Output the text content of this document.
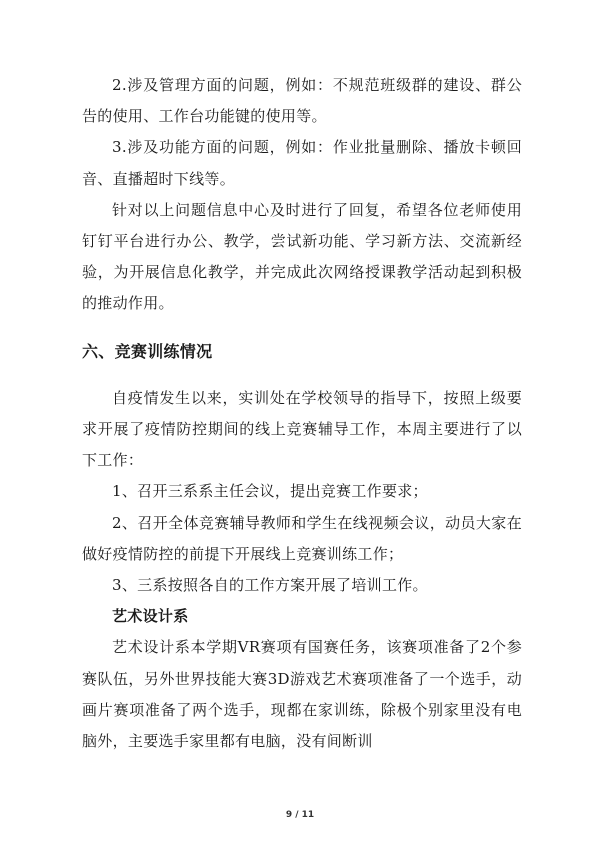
2.涉及管理方面的问题，例如：不规范班级群的建设、群公告的使用、工作台功能键的使用等。

3.涉及功能方面的问题，例如：作业批量删除、播放卡顿回音、直播超时下线等。

针对以上问题信息中心及时进行了回复，希望各位老师使用钉钉平台进行办公、教学，尝试新功能、学习新方法、交流新经验，为开展信息化教学，并完成此次网络授课教学活动起到积极的推动作用。

六、竞赛训练情况

自疫情发生以来，实训处在学校领导的指导下，按照上级要求开展了疫情防控期间的线上竞赛辅导工作，本周主要进行了以下工作：

1、召开三系系主任会议，提出竞赛工作要求；

2、召开全体竞赛辅导教师和学生在线视频会议，动员大家在做好疫情防控的前提下开展线上竞赛训练工作；

3、三系按照各自的工作方案开展了培训工作。

艺术设计系

艺术设计系本学期VR赛项有国赛任务，该赛项准备了2个参赛队伍，另外世界技能大赛3D游戏艺术赛项准备了一个选手，动画片赛项准备了两个选手，现都在家训练，除极个别家里没有电脑外，主要选手家里都有电脑，没有间断训

9 / 11
